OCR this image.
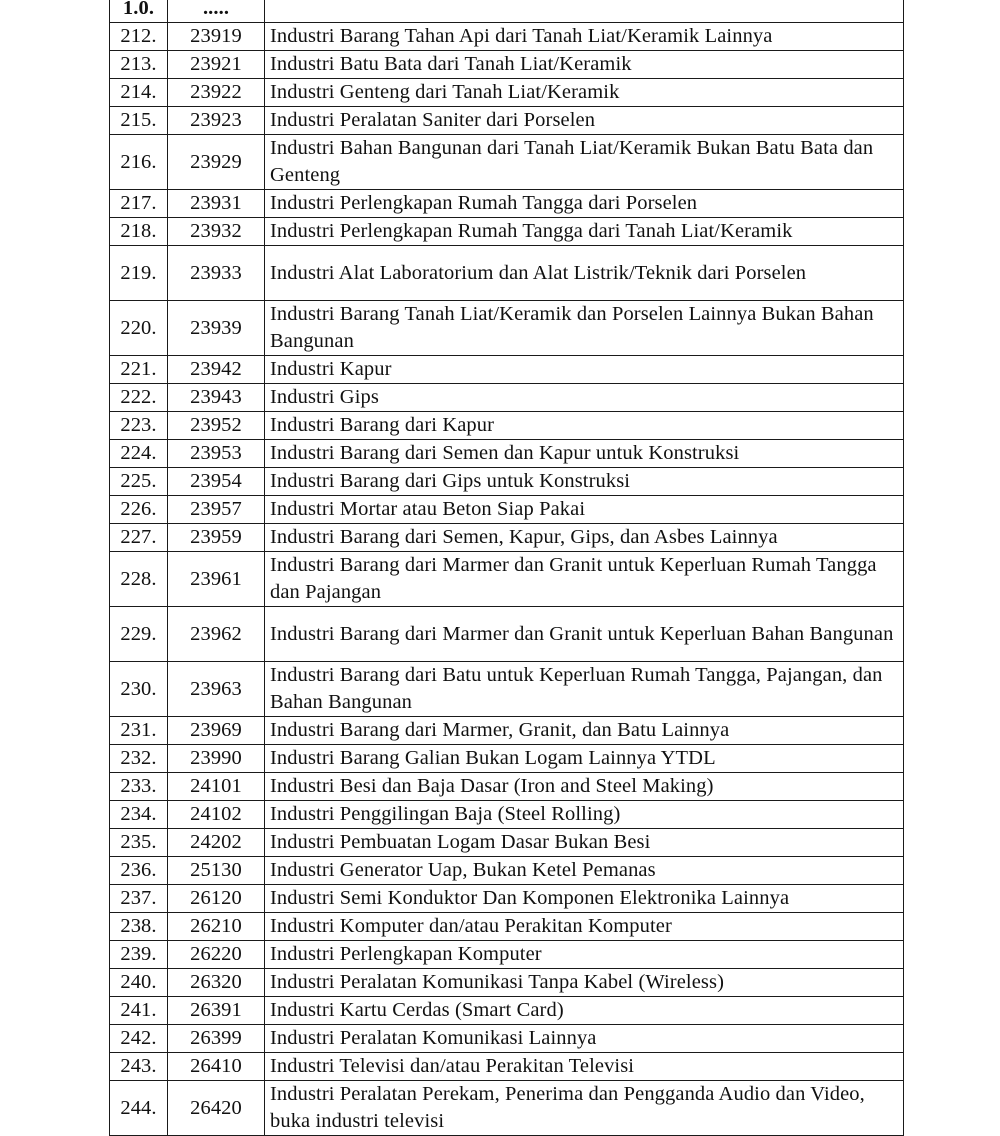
1.0.	.....	

212.	23919	Industri Barang Tahan Api dari Tanah Liat/Keramik Lainnya
213.	23921	Industri Batu Bata dari Tanah Liat/Keramik
214.	23922	Industri Genteng dari Tanah Liat/Keramik
215.	23923	Industri Peralatan Saniter dari Porselen
216.	23929	Industri Bahan Bangunan dari Tanah Liat/Keramik Bukan Batu Bata dan Genteng
217.	23931	Industri Perlengkapan Rumah Tangga dari Porselen
218.	23932	Industri Perlengkapan Rumah Tangga dari Tanah Liat/Keramik
219.	23933	Industri Alat Laboratorium dan Alat Listrik/Teknik dari Porselen
220.	23939	Industri Barang Tanah Liat/Keramik dan Porselen Lainnya Bukan Bahan Bangunan
221.	23942	Industri Kapur
222.	23943	Industri Gips
223.	23952	Industri Barang dari Kapur
224.	23953	Industri Barang dari Semen dan Kapur untuk Konstruksi
225.	23954	Industri Barang dari Gips untuk Konstruksi
226.	23957	Industri Mortar atau Beton Siap Pakai
227.	23959	Industri Barang dari Semen, Kapur, Gips, dan Asbes Lainnya
228.	23961	Industri Barang dari Marmer dan Granit untuk Keperluan Rumah Tangga dan Pajangan
229.	23962	Industri Barang dari Marmer dan Granit untuk Keperluan Bahan Bangunan
230.	23963	Industri Barang dari Batu untuk Keperluan Rumah Tangga, Pajangan, dan Bahan Bangunan
231.	23969	Industri Barang dari Marmer, Granit, dan Batu Lainnya
232.	23990	Industri Barang Galian Bukan Logam Lainnya YTDL
233.	24101	Industri Besi dan Baja Dasar (Iron and Steel Making)
234.	24102	Industri Penggilingan Baja (Steel Rolling)
235.	24202	Industri Pembuatan Logam Dasar Bukan Besi
236.	25130	Industri Generator Uap, Bukan Ketel Pemanas
237.	26120	Industri Semi Konduktor Dan Komponen Elektronika Lainnya
238.	26210	Industri Komputer dan/atau Perakitan Komputer
239.	26220	Industri Perlengkapan Komputer
240.	26320	Industri Peralatan Komunikasi Tanpa Kabel (Wireless)
241.	26391	Industri Kartu Cerdas (Smart Card)
242.	26399	Industri Peralatan Komunikasi Lainnya
243.	26410	Industri Televisi dan/atau Perakitan Televisi
244.	26420	Industri Peralatan Perekam, Penerima dan Pengganda Audio dan Video, buka industri televisi
